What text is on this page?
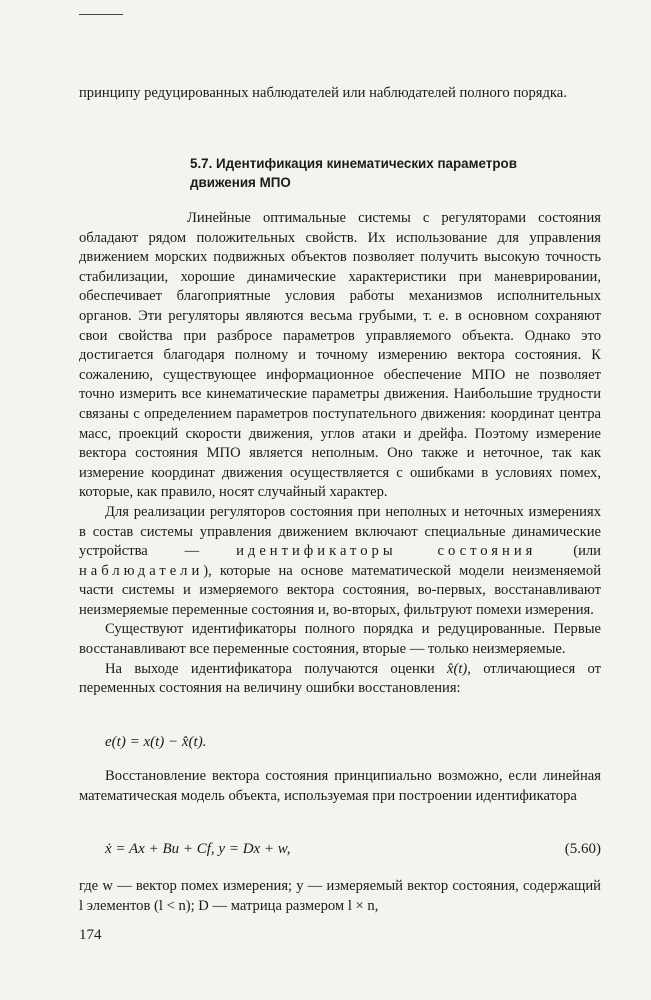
принципу редуцированных наблюдателей или наблюдателей полного порядка.

5.7. Идентификация кинематических параметров движения МПО

Линейные оптимальные системы с регуляторами состояния обладают рядом положительных свойств. Их использование для управления движением морских подвижных объектов позволяет получить высокую точность стабилизации, хорошие динамические характеристики при маневрировании, обеспечивает благоприятные условия работы механизмов исполнительных органов. Эти регуляторы являются весьма грубыми, т. е. в основном сохраняют свои свойства при разбросе параметров управляемого объекта. Однако это достигается благодаря полному и точному измерению вектора состояния. К сожалению, существующее информационное обеспечение МПО не позволяет точно измерить все кинематические параметры движения. Наибольшие трудности связаны с определением параметров поступательного движения: координат центра масс, проекций скорости движения, углов атаки и дрейфа. Поэтому измерение вектора состояния МПО является неполным. Оно также и неточное, так как измерение координат движения осуществляется с ошибками в условиях помех, которые, как правило, носят случайный характер.

Для реализации регуляторов состояния при неполных и неточных измерениях в состав системы управления движением включают специальные динамические устройства — идентификаторы состояния (или наблюдатели), которые на основе математической модели неизменяемой части системы и измеряемого вектора состояния, во-первых, восстанавливают неизмеряемые переменные состояния и, во-вторых, фильтруют помехи измерения.

Существуют идентификаторы полного порядка и редуцированные. Первые восстанавливают все переменные состояния, вторые — только неизмеряемые.

На выходе идентификатора получаются оценки x̂(t), отличающиеся от переменных состояния на величину ошибки восстановления:

e(t) = x(t) − x̂(t).

Восстановление вектора состояния принципиально возможно, если линейная математическая модель объекта, используемая при построении идентификатора

ẋ = Ax + Bu + Cf, y = Dx + w,	(5.60)

где w — вектор помех измерения; y — измеряемый вектор состояния, содержащий l элементов (l < n); D — матрица размером l × n,

174
